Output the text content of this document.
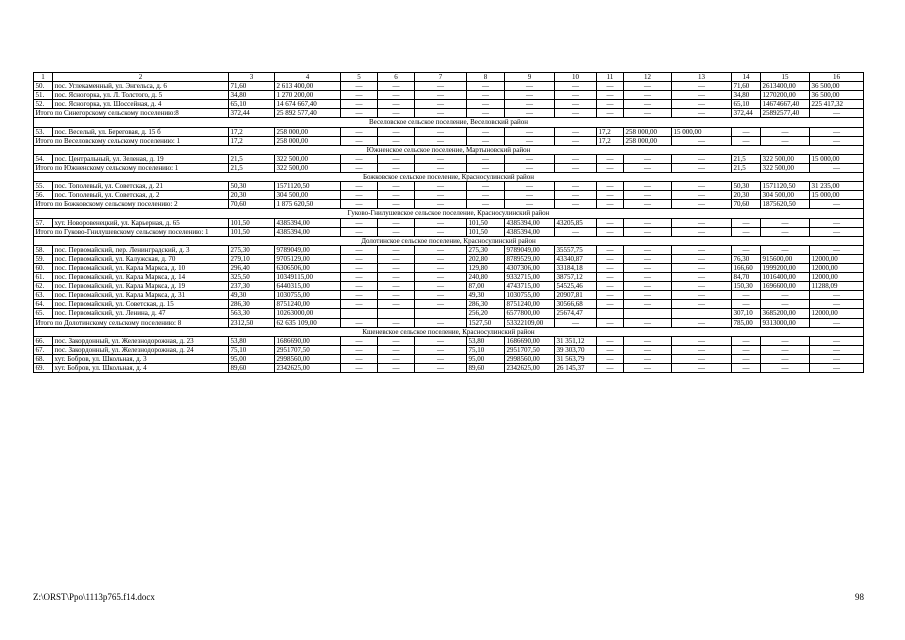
1	2	3	4	5	6	7	8	9	10	11	12	13	14	15	16
50.	пос. Углекаменный, ул. Энгельса, д. 6	71,60	2 613 400,00	—	—	—	—	—	—	—	—	—	71,60	2613400,00	36 500,00
51.	пос. Ясногорка, ул. Л. Толстого, д. 5	34,80	1 270 200,00	—	—	—	—	—	—	—	—	—	34,80	1270200,00	36 500,00
52.	пос. Ясногорка, ул. Шоссейная, д. 4	65,10	14 674 667,40	—	—	—	—	—	—	—	—	—	65,10	14674667,40	225 417,32
Итого по Синегорскому сельскому поселению:8		372,44	25 892 577,40	—	—	—	—	—	—	—	—	—	372,44	25892577,40	—
Веселовское сельское поселение, Веселовский район															
53.	пос. Веселый, ул. Береговая, д. 15 б	17,2	258 000,00	—	—	—	—	—	—	17,2	258 000,00	15 000,00	—	—	—
Итого по Веселовскому сельскому поселению: 1		17,2	258 000,00	—	—	—	—	—	—	17,2	258 000,00	—	—	—	—
Южненское сельское поселение, Мартыновский район															
54.	пос. Центральный, ул. Зеленая, д. 19	21,5	322 500,00	—	—	—	—	—	—	—	—	—	21,5	322 500,00	15 000,00
Итого по Южненскому сельскому поселению: 1		21,5	322 500,00	—	—	—	—	—	—	—	—	—	21,5	322 500,00	—
Божковское сельское поселение, Красносулинский район															
55.	пос. Тополевый, ул. Советская, д. 21	50,30	1571120,50	—	—	—	—	—	—	—	—	—	50,30	1571120,50	31 235,00
56.	пос. Тополевый, ул. Советская, д. 2	20,30	304 500,00	—	—	—	—	—	—	—	—	—	20,30	304 500,00	15 000,00
Итого по Божковскому сельскому поселению: 2		70,60	1 875 620,50	—	—	—	—	—	—	—	—	—	70,60	1875620,50	—
Гуково-Гнилушевское сельское поселение, Красносулинский район															
57.	хут. Новоровенецкий, ул. Карьерная, д. 65	101,50	4385394,00	—	—	—	101,50	4385394,00	43205,85	—	—	—	—	—	—
Итого по Гуково-Гнилушевскому сельскому поселению: 1		101,50	4385394,00	—	—	—	101,50	4385394,00	—	—	—	—	—	—	—
Долотинское сельское поселение, Красносулинский район															
58.	пос. Первомайский, пер. Ленинградский, д. 3	275,30	9789049,00	—	—	—	275,30	9789049,00	35557,75	—	—	—	—	—	—
59.	пос. Первомайский, ул. Калужская, д. 70	279,10	9705129,00	—	—	—	202,80	8789529,00	43340,87	—	—	—	76,30	915600,00	12000,00
60.	пос. Первомайский, ул. Карла Маркса, д. 10	296,40	6306506,00	—	—	—	129,80	4307306,00	33184,18	—	—	—	166,60	1999200,00	12000,00
61.	пос. Первомайский, ул. Карла Маркса, д. 14	325,50	10349115,00	—	—	—	240,80	9332715,00	38757,12	—	—	—	84,70	1016400,00	12000,00
62.	пос. Первомайский, ул. Карла Маркса, д. 19	237,30	6440315,00	—	—	—	87,00	4743715,00	54525,46	—	—	—	150,30	1696600,00	11288,09
63.	пос. Первомайский, ул. Карла Маркса, д. 31	49,30	1030755,00	—	—	—	49,30	1030755,00	20907,81	—	—	—	—	—	—
64.	пос. Первомайский, ул. Советская, д. 15	286,30	8751240,00	—	—	—	286,30	8751240,00	30566,68	—	—	—	—	—	—
65.	пос. Первомайский, ул. Ленина, д. 47	563,30	10263000,00				256,20	6577800,00	25674,47				307,10	3685200,00	12000,00
Итого по Долотинскому сельскому поселению: 8		2312,50	62 635 109,00	—	—	—	1527,50	53322109,00	—	—	—	—	785,00	9313000,00	—
Кшеневское сельское поселение, Красносулинский район															
66.	пос. Закордонный, ул. Железнодорожная, д. 23	53,80	1686690,00	—	—	—	53,80	1686690,00	31 351,12	—	—	—	—	—	—
67.	пос. Закордонный, ул. Железнодорожная, д. 24	75,10	2951707,50	—	—	—	75,10	2951707,50	39 303,70	—	—	—	—	—	—
68.	хут. Бобров, ул. Школьная, д. 3	95,00	2998560,00	—	—	—	95,00	2998560,00	31 563,79	—	—	—	—	—	—
69.	хут. Бобров, ул. Школьная, д. 4	89,60	2342625,00	—	—	—	89,60	2342625,00	26 145,37	—	—	—	—	—	—
Z:\ORST\Ppo\1113p765.f14.docx	98
